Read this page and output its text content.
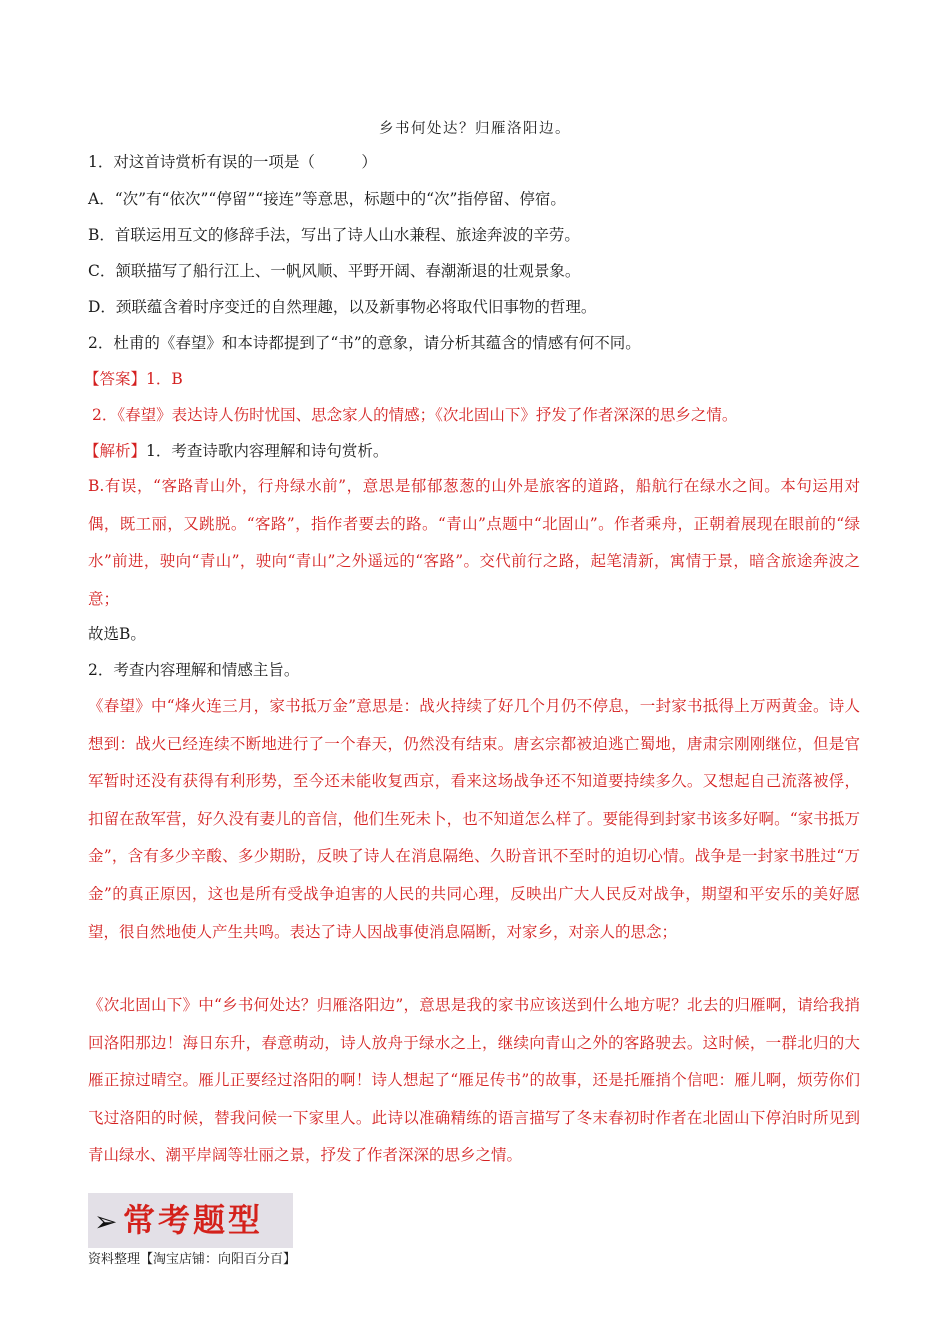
乡书何处达？归雁洛阳边。
1．对这首诗赏析有误的一项是（　　　）
A．“次”有“依次”“停留”“接连”等意思，标题中的“次”指停留、停宿。
B．首联运用互文的修辞手法，写出了诗人山水兼程、旅途奔波的辛劳。
C．颔联描写了船行江上、一帆风顺、平野开阔、春潮渐退的壮观景象。
D．颈联蕴含着时序变迁的自然理趣，以及新事物必将取代旧事物的哲理。
2．杜甫的《春望》和本诗都提到了“书”的意象，请分析其蕴含的情感有何不同。
【答案】1．B
2．《春望》表达诗人伤时忧国、思念家人的情感；《次北固山下》抒发了作者深深的思乡之情。
【解析】1．考查诗歌内容理解和诗句赏析。
B.有误，“客路青山外，行舟绿水前”，意思是郁郁葱葱的山外是旅客的道路，船航行在绿水之间。本句运用对偶，既工丽，又跳脱。“客路”，指作者要去的路。“青山”点题中“北固山”。作者乘舟，正朝着展现在眼前的“绿水”前进，驶向“青山”，驶向“青山”之外遥远的“客路”。交代前行之路，起笔清新，寓情于景，暗含旅途奔波之意；
故选B。
2．考查内容理解和情感主旨。
《春望》中“烽火连三月，家书抵万金”意思是：战火持续了好几个月仍不停息，一封家书抵得上万两黄金。诗人想到：战火已经连续不断地进行了一个春天，仍然没有结束。唐玄宗都被迫逃亡蜀地，唐肃宗刚刚继位，但是官军暂时还没有获得有利形势，至今还未能收复西京，看来这场战争还不知道要持续多久。又想起自己流落被俘，扣留在敌军营，好久没有妻儿的音信，他们生死未卜，也不知道怎么样了。要能得到封家书该多好啊。“家书抵万金”，含有多少辛酸、多少期盼，反映了诗人在消息隔绝、久盼音讯不至时的迫切心情。战争是一封家书胜过“万金”的真正原因，这也是所有受战争迫害的人民的共同心理，反映出广大人民反对战争，期望和平安乐的美好愿望，很自然地使人产生共鸣。表达了诗人因战事使消息隔断，对家乡，对亲人的思念；
《次北固山下》中“乡书何处达？归雁洛阳边”，意思是我的家书应该送到什么地方呢？北去的归雁啊，请给我捎回洛阳那边！海日东升，春意萌动，诗人放舟于绿水之上，继续向青山之外的客路驶去。这时候，一群北归的大雁正掠过晴空。雁儿正要经过洛阳的啊！诗人想起了“雁足传书”的故事，还是托雁捎个信吧：雁儿啊，烦劳你们飞过洛阳的时候，替我问候一下家里人。此诗以准确精练的语言描写了冬末春初时作者在北固山下停泊时所见到青山绿水、潮平岸阔等壮丽之景，抒发了作者深深的思乡之情。
➢ 常考题型
资料整理【淘宝店铺：向阳百分百】
